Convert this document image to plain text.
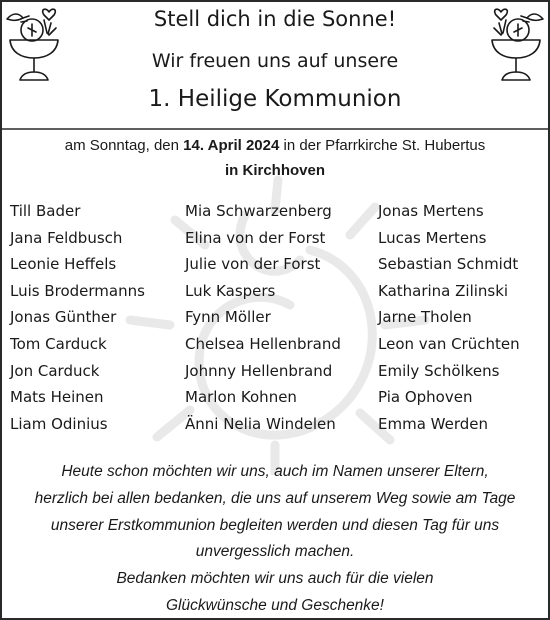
Stell dich in die Sonne!
Wir freuen uns auf unsere
1. Heilige Kommunion
am Sonntag, den 14. April 2024 in der Pfarrkirche St. Hubertus
in Kirchhoven
Till Bader
Jana Feldbusch
Leonie Heffels
Luis Brodermanns
Jonas Günther
Tom Carduck
Jon Carduck
Mats Heinen
Liam Odinius
Mia Schwarzenberg
Elina von der Forst
Julie von der Forst
Luk Kaspers
Fynn Möller
Chelsea Hellenbrand
Johnny Hellenbrand
Marlon Kohnen
Änni Nelia Windelen
Jonas Mertens
Lucas Mertens
Sebastian Schmidt
Katharina Zilinski
Jarne Tholen
Leon van Crüchten
Emily Schölkens
Pia Ophoven
Emma Werden

Heute schon möchten wir uns, auch im Namen unserer Eltern,

herzlich bei allen bedanken, die uns auf unserem Weg sowie am Tage

unserer Erstkommunion begleiten werden und diesen Tag für uns

unvergesslich machen.

Bedanken möchten wir uns auch für die vielen

Glückwünsche und Geschenke!
